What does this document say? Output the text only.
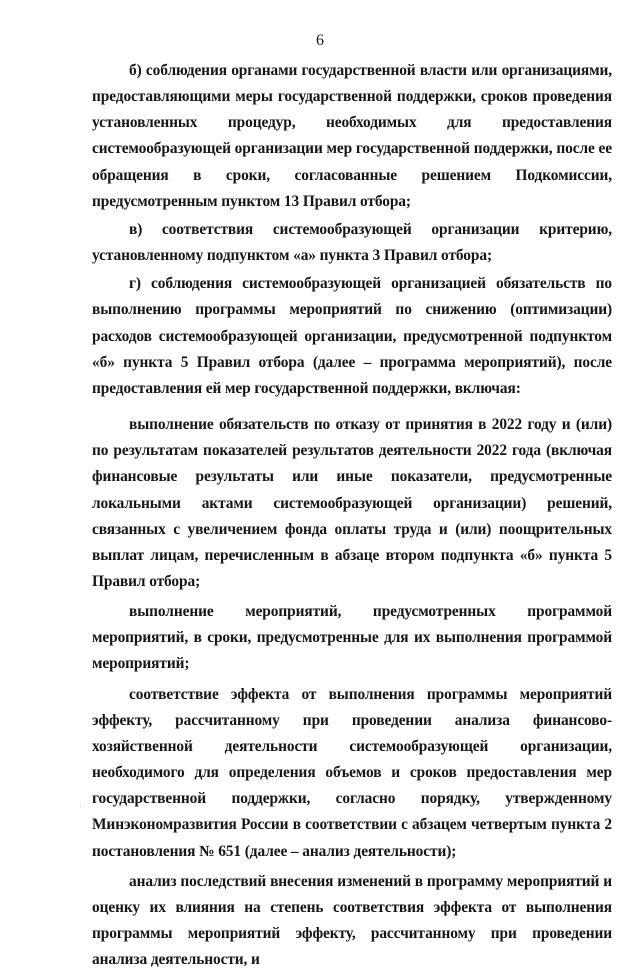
6

б) соблюдения органами государственной власти или организациями, предоставляющими меры государственной поддержки, сроков проведения установленных процедур, необходимых для предоставления системообразующей организации мер государственной поддержки, после ее обращения в сроки, согласованные решением Подкомиссии, предусмотренным пунктом 13 Правил отбора;

в) соответствия системообразующей организации критерию, установленному подпунктом «а» пункта 3 Правил отбора;

г) соблюдения системообразующей организацией обязательств по выполнению программы мероприятий по снижению (оптимизации) расходов системообразующей организации, предусмотренной подпунктом «б» пункта 5 Правил отбора (далее – программа мероприятий), после предоставления ей мер государственной поддержки, включая:

выполнение обязательств по отказу от принятия в 2022 году и (или) по результатам показателей результатов деятельности 2022 года (включая финансовые результаты или иные показатели, предусмотренные локальными актами системообразующей организации) решений, связанных с увеличением фонда оплаты труда и (или) поощрительных выплат лицам, перечисленным в абзаце втором подпункта «б» пункта 5 Правил отбора;

выполнение мероприятий, предусмотренных программой мероприятий, в сроки, предусмотренные для их выполнения программой мероприятий;

соответствие эффекта от выполнения программы мероприятий эффекту, рассчитанному при проведении анализа финансово-хозяйственной деятельности системообразующей организации, необходимого для определения объемов и сроков предоставления мер государственной поддержки, согласно порядку, утвержденному Минэкономразвития России в соответствии с абзацем четвертым пункта 2 постановления № 651 (далее – анализ деятельности);

анализ последствий внесения изменений в программу мероприятий и оценку их влияния на степень соответствия эффекта от выполнения программы мероприятий эффекту, рассчитанному при проведении анализа деятельности, и
